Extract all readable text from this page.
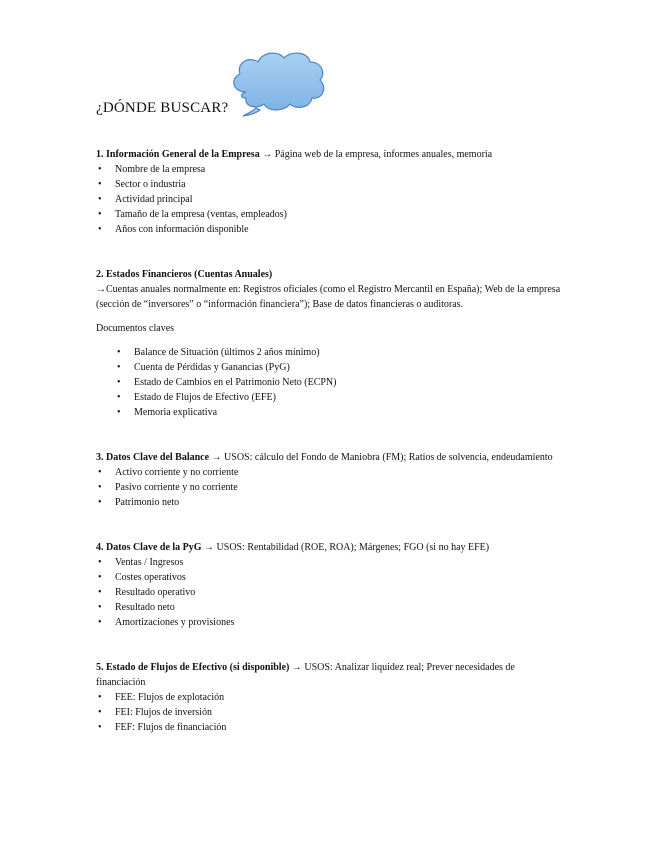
¿DÓNDE BUSCAR?

1. Información General de la Empresa → Página web de la empresa, informes anuales, memoria

• Nombre de la empresa
• Sector o industria
• Actividad principal
• Tamaño de la empresa (ventas, empleados)
• Años con información disponible

2. Estados Financieros (Cuentas Anuales)

→Cuentas anuales normalmente en: Registros oficiales (como el Registro Mercantil en España); Web de la empresa (sección de “inversores” o “información financiera”); Base de datos financieras o auditoras.

Documentos claves

• Balance de Situación (últimos 2 años mínimo)
• Cuenta de Pérdidas y Ganancias (PyG)
• Estado de Cambios en el Patrimonio Neto (ECPN)
• Estado de Flujos de Efectivo (EFE)
• Memoria explicativa

3. Datos Clave del Balance → USOS: cálculo del Fondo de Maniobra (FM); Ratios de solvencia, endeudamiento

• Activo corriente y no corriente
• Pasivo corriente y no corriente
• Patrimonio neto

4. Datos Clave de la PyG → USOS: Rentabilidad (ROE, ROA); Márgenes; FGO (si no hay EFE)

• Ventas / Ingresos
• Costes operativos
• Resultado operativo
• Resultado neto
• Amortizaciones y provisiones

5. Estado de Flujos de Efectivo (si disponible) → USOS: Analizar liquidez real; Prever necesidades de financiación

• FEE: Flujos de explotación
• FEI: Flujos de inversión
• FEF: Flujos de financiación
